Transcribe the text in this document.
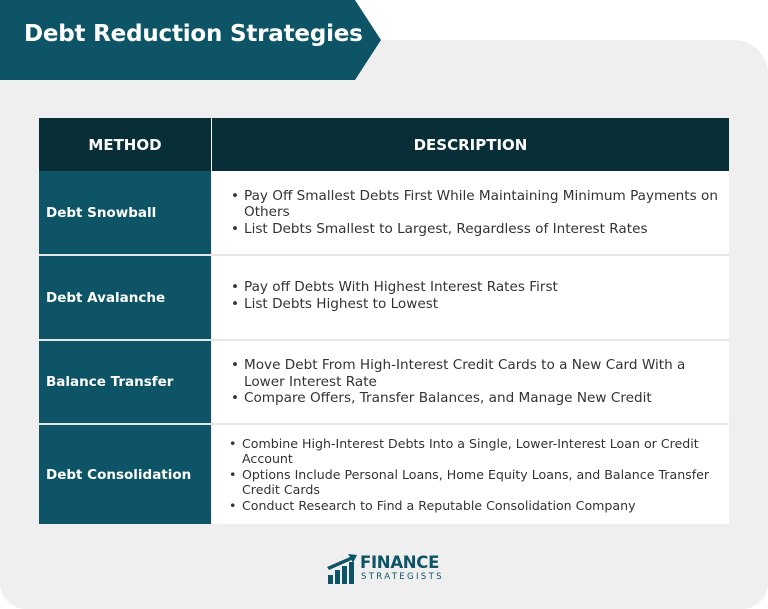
Debt Reduction Strategies
METHOD	DESCRIPTION
Debt Snowball
• Pay Off Smallest Debts First While Maintaining Minimum Payments on Others
• List Debts Smallest to Largest, Regardless of Interest Rates
Debt Avalanche
• Pay off Debts With Highest Interest Rates First
• List Debts Highest to Lowest
Balance Transfer
• Move Debt From High-Interest Credit Cards to a New Card With a Lower Interest Rate
• Compare Offers, Transfer Balances, and Manage New Credit
Debt Consolidation
• Combine High-Interest Debts Into a Single, Lower-Interest Loan or Credit Account
• Options Include Personal Loans, Home Equity Loans, and Balance Transfer Credit Cards
• Conduct Research to Find a Reputable Consolidation Company
FINANCE
STRATEGISTS
